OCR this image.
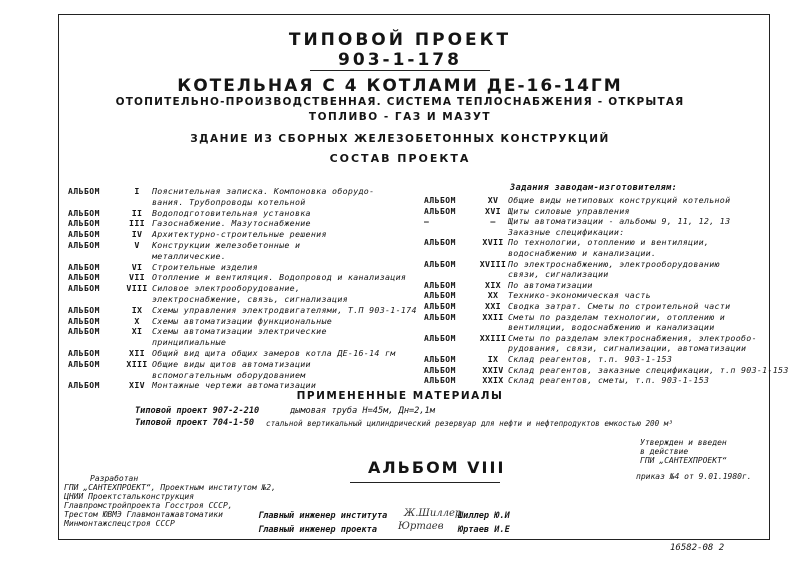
ТИПОВОЙ ПРОЕКТ
903-1-178
КОТЕЛЬНАЯ С 4 КОТЛАМИ ДЕ-16-14ГМ
ОТОПИТЕЛЬНО-ПРОИЗВОДСТВЕННАЯ. СИСТЕМА ТЕПЛОСНАБЖЕНИЯ - ОТКРЫТАЯ
ТОПЛИВО - ГАЗ И МАЗУТ
ЗДАНИЕ ИЗ СБОРНЫХ ЖЕЛЕЗОБЕТОННЫХ КОНСТРУКЦИЙ
СОСТАВ ПРОЕКТА
АЛЬБОМ	I Пояснительная записка. Компоновка оборудо-
вания. Трубопроводы котельной
АЛЬБОМ	II Водоподготовительная установка
АЛЬБОМ	III Газоснабжение. Мазутоснабжение
АЛЬБОМ	IV Архитектурно-строительные решения
АЛЬБОМ	V Конструкции железобетонные и
металлические.
АЛЬБОМ	VI Строительные изделия
АЛЬБОМ	VII Отопление и вентиляция. Водопровод и канализация
АЛЬБОМ	VIII Силовое электрооборудование,
электроснабжение, связь, сигнализация
АЛЬБОМ	IX Схемы управления электродвигателями, Т.П 903-1-174
АЛЬБОМ	X Схемы автоматизации функциональные
АЛЬБОМ	XI Схемы автоматизации электрические
принципиальные
АЛЬБОМ	XII Общий вид щита общих замеров котла ДЕ-16-14 гм
АЛЬБОМ	XIII Общие виды щитов автоматизации
вспомогательным оборудованием
АЛЬБОМ	XIV Монтажные чертежи автоматизации
Задания заводам-изготовителям:
АЛЬБОМ	XV Общие виды нетиповых конструкций котельной
АЛЬБОМ	XVI Щиты силовые управления
—	— Щиты автоматизации - альбомы 9, 11, 12, 13
Заказные спецификации:
АЛЬБОМ	XVII По технологии, отоплению и вентиляции,
водоснабжению и канализации.
АЛЬБОМ	XVIII По электроснабжению, электрооборудованию
связи, сигнализации
АЛЬБОМ	XIX По автоматизации
АЛЬБОМ	XX Технико-экономическая часть
АЛЬБОМ	XXI Сводка затрат. Сметы по строительной части
АЛЬБОМ	XXII Сметы по разделам технологии, отоплению и
вентиляции, водоснабжению и канализации
АЛЬБОМ	XXIII Сметы по разделам электроснабжения, электрообо-
рудования, связи, сигнализации, автоматизации
АЛЬБОМ	IX Склад реагентов, т.п. 903-1-153
АЛЬБОМ	XXIV Склад реагентов, заказные спецификации, т.п 903-1-153
АЛЬБОМ	XXIX Склад реагентов, сметы, т.п. 903-1-153
ПРИМЕНЕННЫЕ МАТЕРИАЛЫ
Типовой проект 907-2-210	дымовая труба Н=45м, Дн=2,1м
Типовой проект 704-1-50 стальной вертикальный цилиндрический резервуар для нефти и нефтепродуктов емкостью 200 м³
Утвержден и введен
в действие
ГПИ „САНТЕХПРОЕКТ“
приказ №4 от 9.01.1980г.
АЛЬБОМ VIII
Разработан
ГПИ „САНТЕХПРОЕКТ“, Проектным институтом №2,
ЦНИИ Проектстальконструкция
Главпромстройпроекта Госстроя СССР,
Трестом ЮВМЭ Главмонтажавтоматики
Минмонтажспецстроя СССР
Главный инженер института Ж.Шиллер
Шиллер Ю.И
Главный инженер проекта Юртаев Юртаев И.Е
16582-08 2
